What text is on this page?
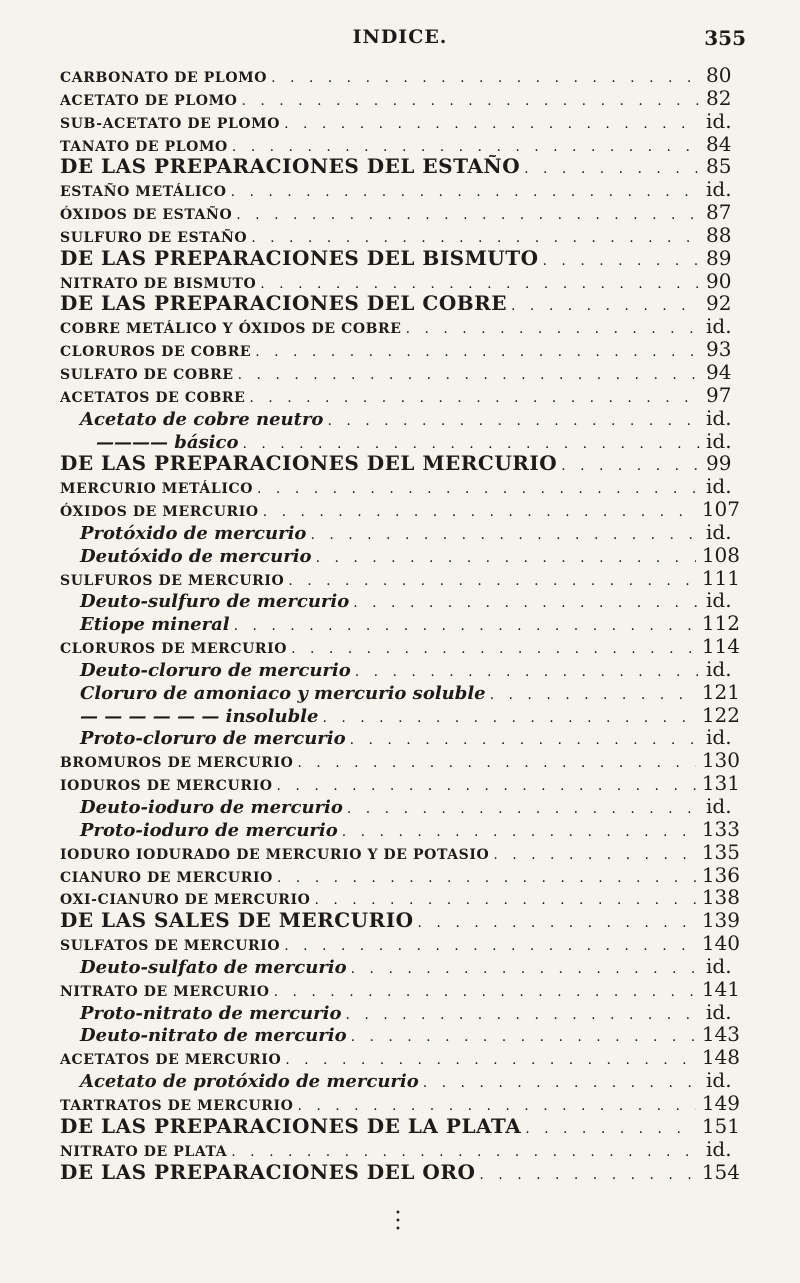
INDICE.	355
CARBONATO DE PLOMO . . .	80
ACETATO DE PLOMO . . .	82
SUB-ACETATO DE PLOMO . . .	id.
TANATO DE PLOMO . . .	84
DE LAS PREPARACIONES DEL ESTAÑO . . .	85
ESTAÑO METÁLICO . . .	id.
ÓXIDOS DE ESTAÑO . . .	87
SULFURO DE ESTAÑO . . .	88
DE LAS PREPARACIONES DEL BISMUTO . . .	89
NITRATO DE BISMUTO . . .	90
DE LAS PREPARACIONES DEL COBRE . . .	92
COBRE METÁLICO Y ÓXIDOS DE COBRE . . .	id.
CLORUROS DE COBRE . . .	93
SULFATO DE COBRE . . .	94
ACETATOS DE COBRE . . .	97
Acetato de cobre neutro . . .	id.
———— básico . . .	id.
DE LAS PREPARACIONES DEL MERCURIO . . .	99
MERCURIO METÁLICO . . .	id.
ÓXIDOS DE MERCURIO . . .	107
Protóxido de mercurio . . .	id.
Deutóxido de mercurio . . .	108
SULFUROS DE MERCURIO . . .	111
Deuto-sulfuro de mercurio . . .	id.
Etiope mineral . . .	112
CLORUROS DE MERCURIO . . .	114
Deuto-cloruro de mercurio . . .	id.
Cloruro de amoniaco y mercurio soluble . . .	121
— — — — — — insoluble . . .	122
Proto-cloruro de mercurio . . .	id.
BROMUROS DE MERCURIO . . .	130
IODUROS DE MERCURIO . . .	131
Deuto-ioduro de mercurio . . .	id.
Proto-ioduro de mercurio . . .	133
IODURO IODURADO DE MERCURIO Y DE POTASIO . . .	135
CIANURO DE MERCURIO . . .	136
OXI-CIANURO DE MERCURIO . . .	138
DE LAS SALES DE MERCURIO . . .	139
SULFATOS DE MERCURIO . . .	140
Deuto-sulfato de mercurio . . .	id.
NITRATO DE MERCURIO . . .	141
Proto-nitrato de mercurio . . .	id.
Deuto-nitrato de mercurio . . .	143
ACETATOS DE MERCURIO . . .	148
Acetato de protóxido de mercurio . . .	id.
TARTRATOS DE MERCURIO . . .	149
DE LAS PREPARACIONES DE LA PLATA . . .	151
NITRATO DE PLATA . . .	id.
DE LAS PREPARACIONES DEL ORO . . .	154
•
•
•
